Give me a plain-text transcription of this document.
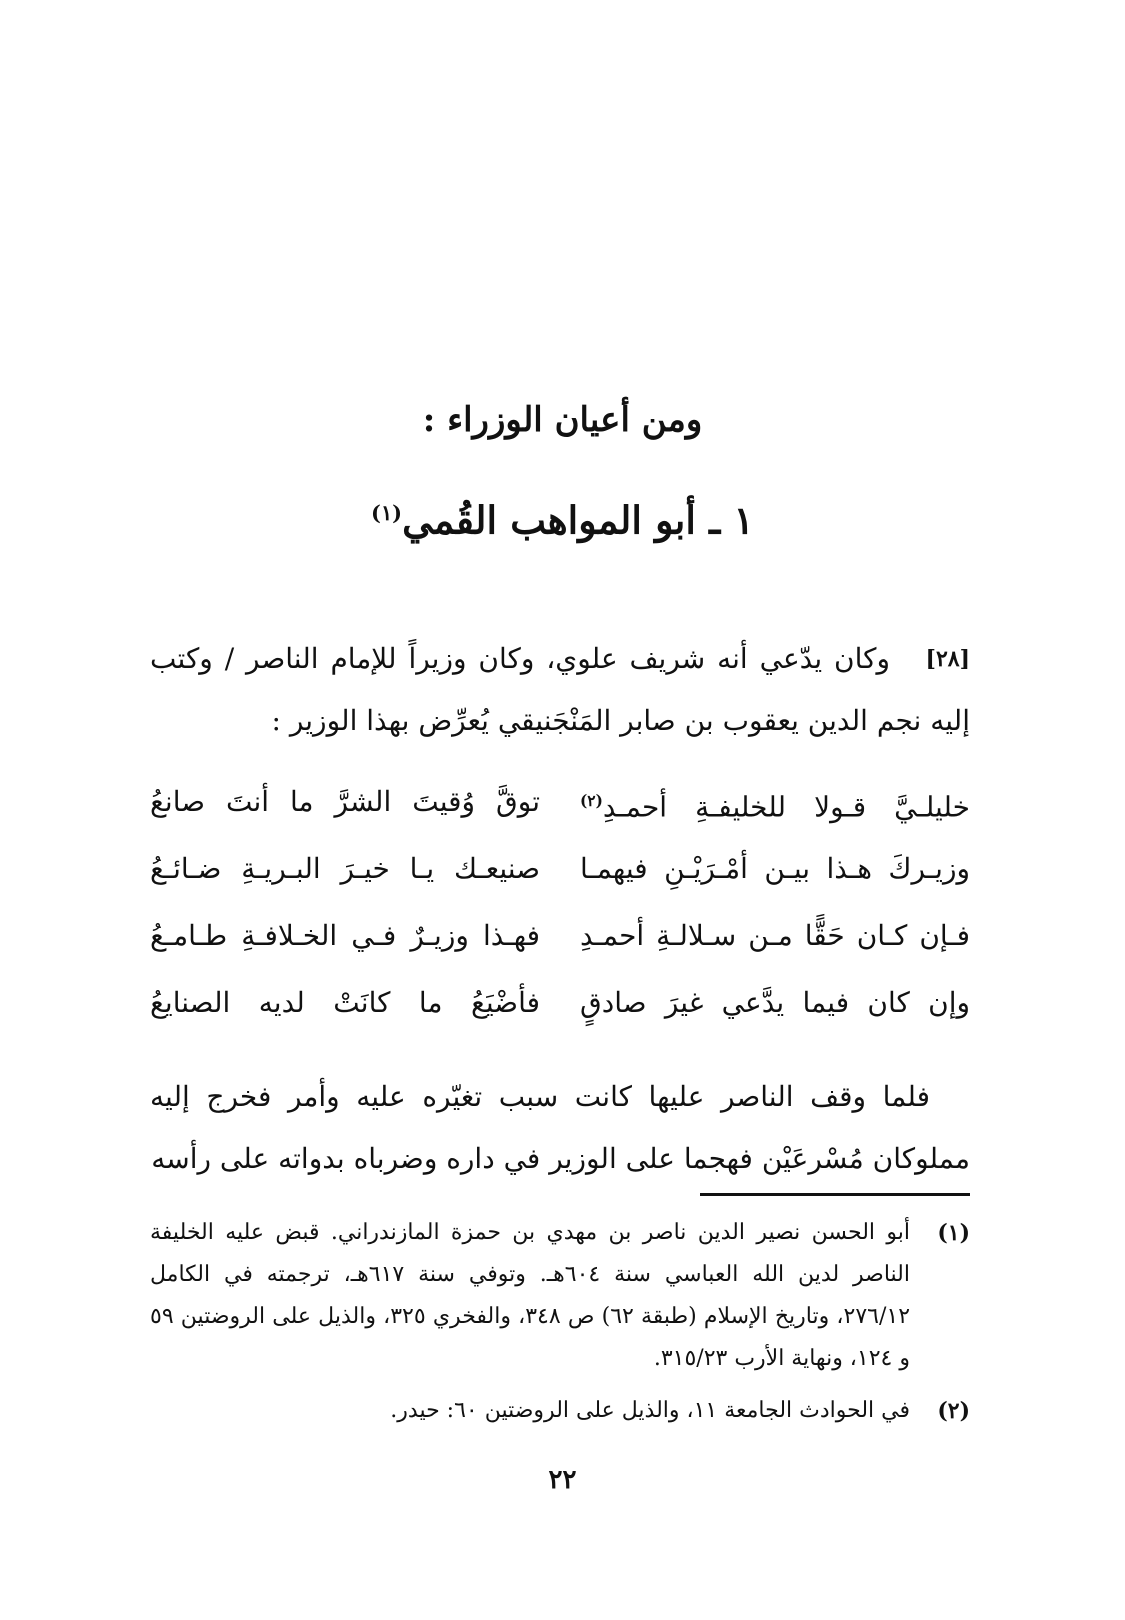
ومن أعيان الوزراء :
١ ـ أبو المواهب القُمي$^{(١)}$
[٢٨]

وكان يدّعي أنه شريف علوي، وكان وزيراً للإمام الناصر / وكتب إليه نجم الدين يعقوب بن صابر المَنْجَنيقي يُعرِّض بهذا الوزير :

خليلـيَّ قـولا للخليفـةِ أحمـدِ$^{(٢)}$
توقَّ وُقيتَ الشرَّ ما أنتَ صانعُ
وزيـركَ هـذا بيـن أمْـرَيْـنِ فيهمـا
صنيعـك يـا خيـرَ البـريـةِ ضـائـعُ
فـإن كـان حَقًّا مـن سـلالـةِ أحمـدِ
فهـذا وزيـرٌ فـي الخـلافـةِ طـامـعُ
وإن كان فيما يدَّعي غيرَ صادقٍ
فأضْيَعُ ما كانَتْ لديه الصنايعُ

فلما وقف الناصر عليها كانت سبب تغيّره عليه وأمر فخرج إليه مملوكان مُسْرعَيْن فهجما على الوزير في داره وضرباه بدواته على رأسه

(١)
أبو الحسن نصير الدين ناصر بن مهدي بن حمزة المازندراني. قبض عليه الخليفة الناصر لدين الله العباسي سنة ٦٠٤هـ. وتوفي سنة ٦١٧هـ، ترجمته في الكامل ٢٧٦/١٢، وتاريخ الإسلام (طبقة ٦٢) ص ٣٤٨، والفخري ٣٢٥، والذيل على الروضتين ٥٩ و ١٢٤، ونهاية الأرب ٣١٥/٢٣.
(٢)
في الحوادث الجامعة ١١، والذيل على الروضتين ٦٠: حيدر.
٢٢
